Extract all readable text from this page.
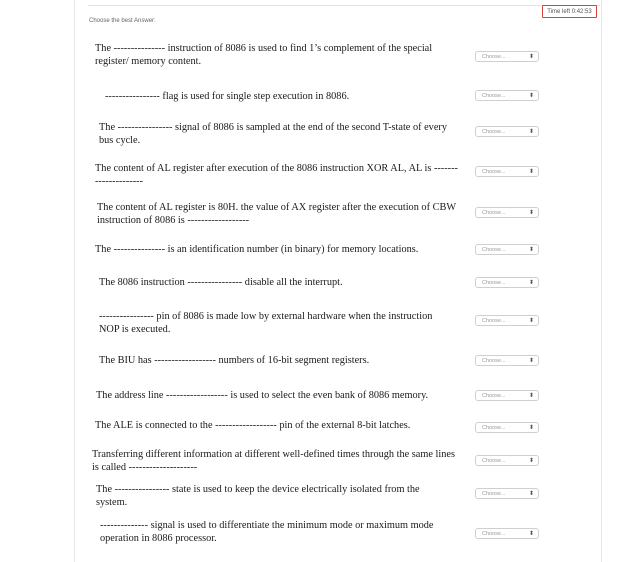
Time left 0:42:53
Choose the best Answer:
The --------------- instruction of 8086 is used to find 1’s complement of the special register/ memory content.	Choose...	⬍
---------------- flag is used for single step execution in 8086.	Choose...	⬍
The ---------------- signal of 8086 is sampled at the end of the second T-state of every bus cycle.
Choose...	⬍
The content of AL register after execution of the 8086 instruction XOR AL, AL is ---------------------
Choose...	⬍
The content of AL register is 80H. the value of AX register after the execution of CBW instruction of 8086 is ------------------
Choose...	⬍
The --------------- is an identification number (in binary) for memory locations.	Choose...	⬍
The 8086 instruction ---------------- disable all the interrupt.	Choose...	⬍
---------------- pin of 8086 is made low by external hardware when the instruction NOP is executed.
Choose...	⬍
The BIU has ------------------ numbers of 16-bit segment registers.	Choose...	⬍
The address line ------------------ is used to select the even bank of 8086 memory.	Choose...	⬍
The ALE is connected to the ------------------ pin of the external 8-bit latches.	Choose...	⬍
Transferring different information at different well-defined times through the same lines is called --------------------
Choose...	⬍
The ---------------- state is used to keep the device electrically isolated from the system.
Choose...	⬍
-------------- signal is used to differentiate the minimum mode or maximum mode operation in 8086 processor.	Choose...	⬍
